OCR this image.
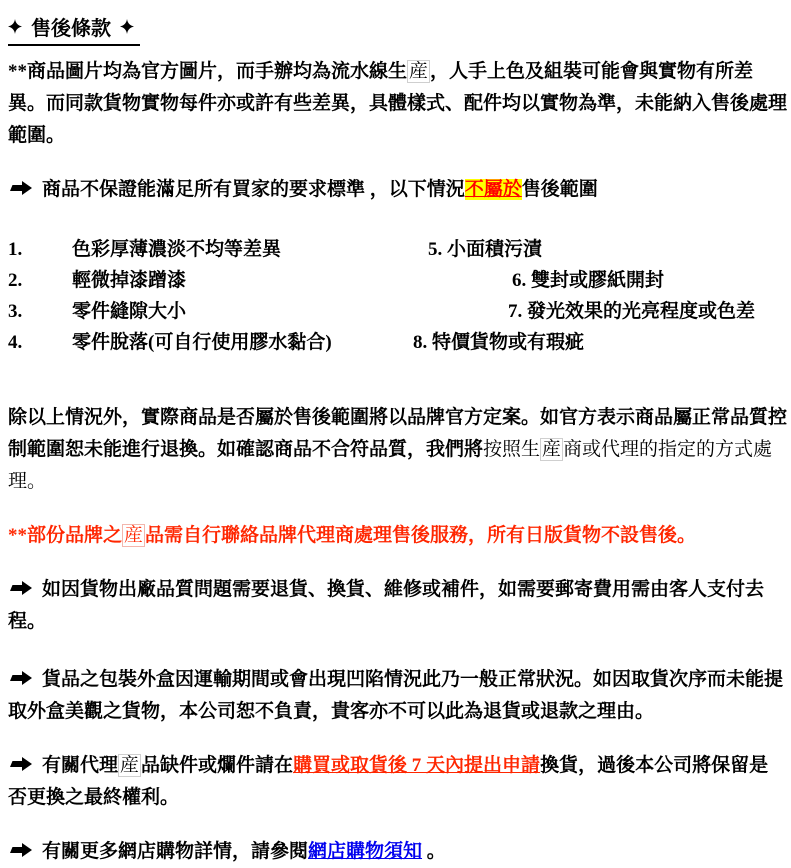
售後條款

**商品圖片均為官方圖片，而手辦均為流水線生 産 ，人手上色及組裝可能會與實物有所差異。而同款貨物實物每件亦或許有些差異，具體樣式、配件均以實物為準，未能納入售後處理範圍。

商品不保證能滿足所有買家的要求標準 ，以下情況不屬於售後範圍

1.	色彩厚薄濃淡不均等差異	5. 小面積污漬
2.	輕微掉漆蹭漆	6. 雙封或膠紙開封
3.	零件縫隙大小	7. 發光效果的光亮程度或色差
4.	零件脫落(可自行使用膠水黏合)	8. 特價貨物或有瑕疵

除以上情況外，實際商品是否屬於售後範圍將以品牌官方定案。如官方表示商品屬正常品質控制範圍恕未能進行退換。如確認商品不合符品質，我們將按照生 産 商或代理的指定的方式處理。

**部份品牌之 産 品需自行聯絡品牌代理商處理售後服務，所有日版貨物不設售後。

如因貨物出廠品質問題需要退貨、換貨、維修或補件，如需要郵寄費用需由客人支付去程。

貨品之包裝外盒因運輸期間或會出現凹陷情況此乃一般正常狀況。如因取貨次序而未能提取外盒美觀之貨物，本公司恕不負責，貴客亦不可以此為退貨或退款之理由。

有關代理 産 品缺件或爛件請在購買或取貨後 7 天內提出申請換貨，過後本公司將保留是否更換之最終權利。

有關更多網店購物詳情，請參閱網店購物須知 。
